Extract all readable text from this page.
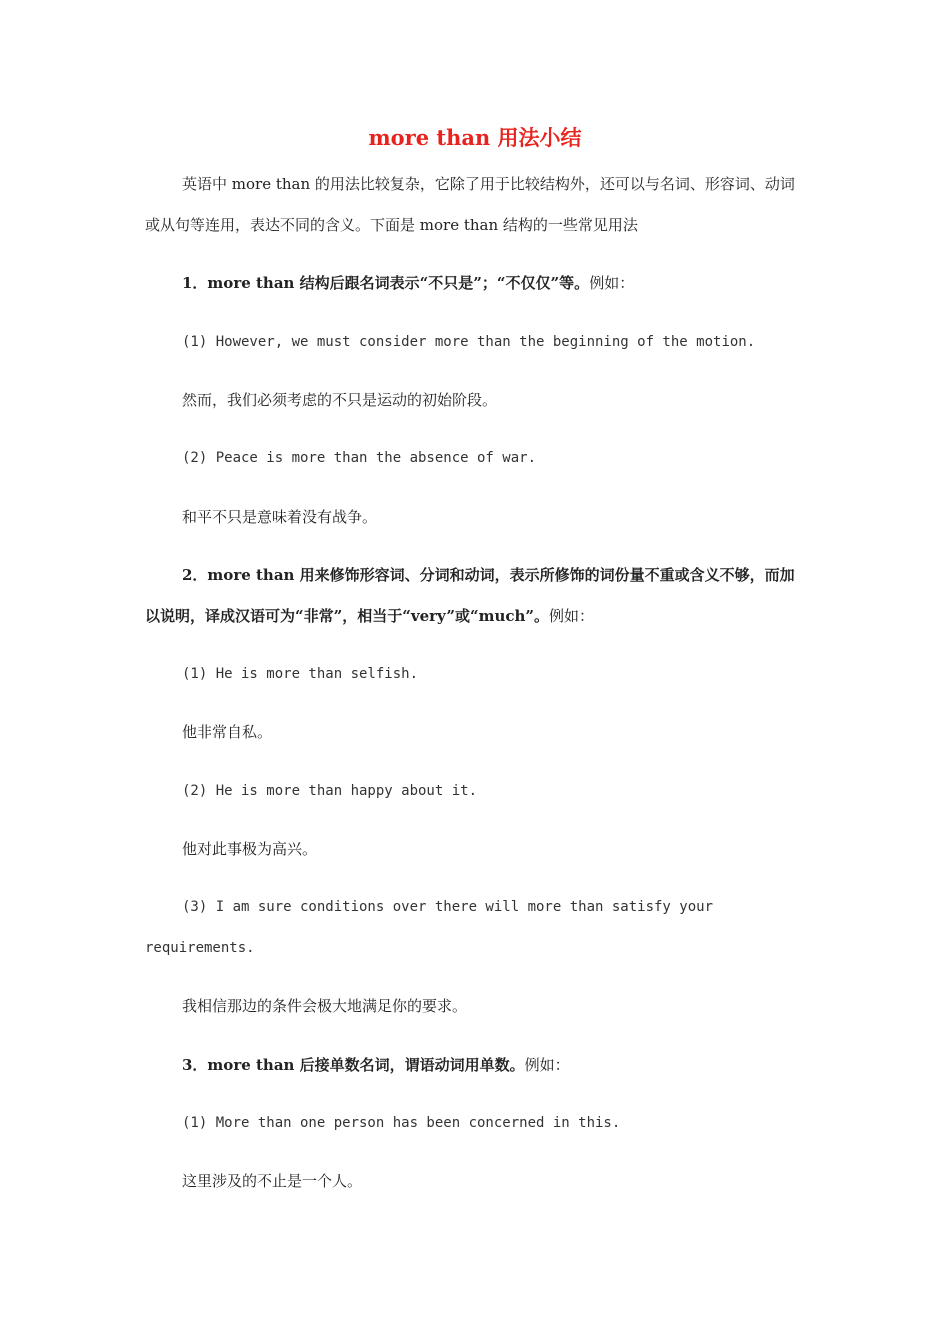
more than 用法小结
英语中 more than 的用法比较复杂，它除了用于比较结构外，还可以与名词、形容词、动词或从句等连用，表达不同的含义。下面是 more than 结构的一些常见用法
1．more than 结构后跟名词表示“不只是”；“不仅仅”等。例如：
(1) However, we must consider more than the beginning of the motion.
然而，我们必须考虑的不只是运动的初始阶段。
(2) Peace is more than the absence of war.
和平不只是意味着没有战争。
2．more than 用来修饰形容词、分词和动词，表示所修饰的词份量不重或含义不够，而加以说明，译成汉语可为“非常”，相当于“very”或“much”。例如：
(1) He is more than selfish.
他非常自私。
(2) He is more than happy about it.
他对此事极为高兴。
(3) I am sure conditions over there will more than satisfy your requirements.
我相信那边的条件会极大地满足你的要求。
3．more than 后接单数名词，谓语动词用单数。例如：
(1) More than one person has been concerned in this.
这里涉及的不止是一个人。
